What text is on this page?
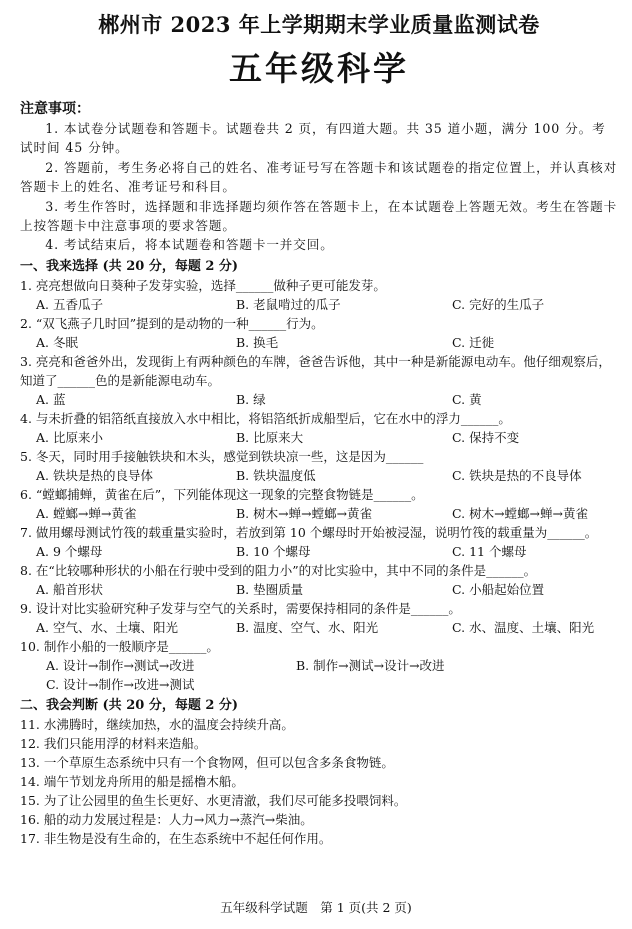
郴州市 2023 年上学期期末学业质量监测试卷
五年级科学
注意事项：
1. 本试卷分试题卷和答题卡。试题卷共 2 页，有四道大题。共 35 道小题，满分 100 分。考试时间 45 分钟。
2. 答题前，考生务必将自己的姓名、准考证号写在答题卡和该试题卷的指定位置上，并认真核对答题卡上的姓名、准考证号和科目。
3. 考生作答时，选择题和非选择题均须作答在答题卡上，在本试题卷上答题无效。考生在答题卡上按答题卡中注意事项的要求答题。
4. 考试结束后，将本试题卷和答题卡一并交回。
一、我来选择 (共 20 分，每题 2 分)
1. 亮亮想做向日葵种子发芽实验，选择______做种子更可能发芽。
A. 五香瓜子	B. 老鼠啃过的瓜子	C. 完好的生瓜子
2. “双飞燕子几时回”提到的是动物的一种______行为。
A. 冬眠	B. 换毛	C. 迁徙
3. 亮亮和爸爸外出，发现街上有两种颜色的车牌，爸爸告诉他，其中一种是新能源电动车。他仔细观察后，知道了______色的是新能源电动车。
A. 蓝	B. 绿	C. 黄
4. 与未折叠的铝箔纸直接放入水中相比，将铝箔纸折成船型后，它在水中的浮力______。
A. 比原来小	B. 比原来大	C. 保持不变
5. 冬天，同时用手接触铁块和木头，感觉到铁块凉一些，这是因为______
A. 铁块是热的良导体	B. 铁块温度低	C. 铁块是热的不良导体
6. “螳螂捕蝉，黄雀在后”，下列能体现这一现象的完整食物链是______。
A. 螳螂→蝉→黄雀	B. 树木→蝉→螳螂→黄雀	C. 树木→螳螂→蝉→黄雀
7. 做用螺母测试竹筏的载重量实验时，若放到第 10 个螺母时开始被浸湿，说明竹筏的载重量为______。
A. 9 个螺母	B. 10 个螺母	C. 11 个螺母
8. 在“比较哪种形状的小船在行驶中受到的阻力小”的对比实验中，其中不同的条件是______。
A. 船首形状	B. 垫圈质量	C. 小船起始位置
9. 设计对比实验研究种子发芽与空气的关系时，需要保持相同的条件是______。
A. 空气、水、土壤、阳光	B. 温度、空气、水、阳光	C. 水、温度、土壤、阳光
10. 制作小船的一般顺序是______。
A. 设计→制作→测试→改进	B. 制作→测试→设计→改进
C. 设计→制作→改进→测试
二、我会判断 (共 20 分，每题 2 分)
11. 水沸腾时，继续加热，水的温度会持续升高。
12. 我们只能用浮的材料来造船。
13. 一个草原生态系统中只有一个食物网，但可以包含多条食物链。
14. 端午节划龙舟所用的船是摇橹木船。
15. 为了让公园里的鱼生长更好、水更清澈，我们尽可能多投喂饲料。
16. 船的动力发展过程是：人力→风力→蒸汽→柴油。
17. 非生物是没有生命的，在生态系统中不起任何作用。
五年级科学试题　第 1 页(共 2 页)
